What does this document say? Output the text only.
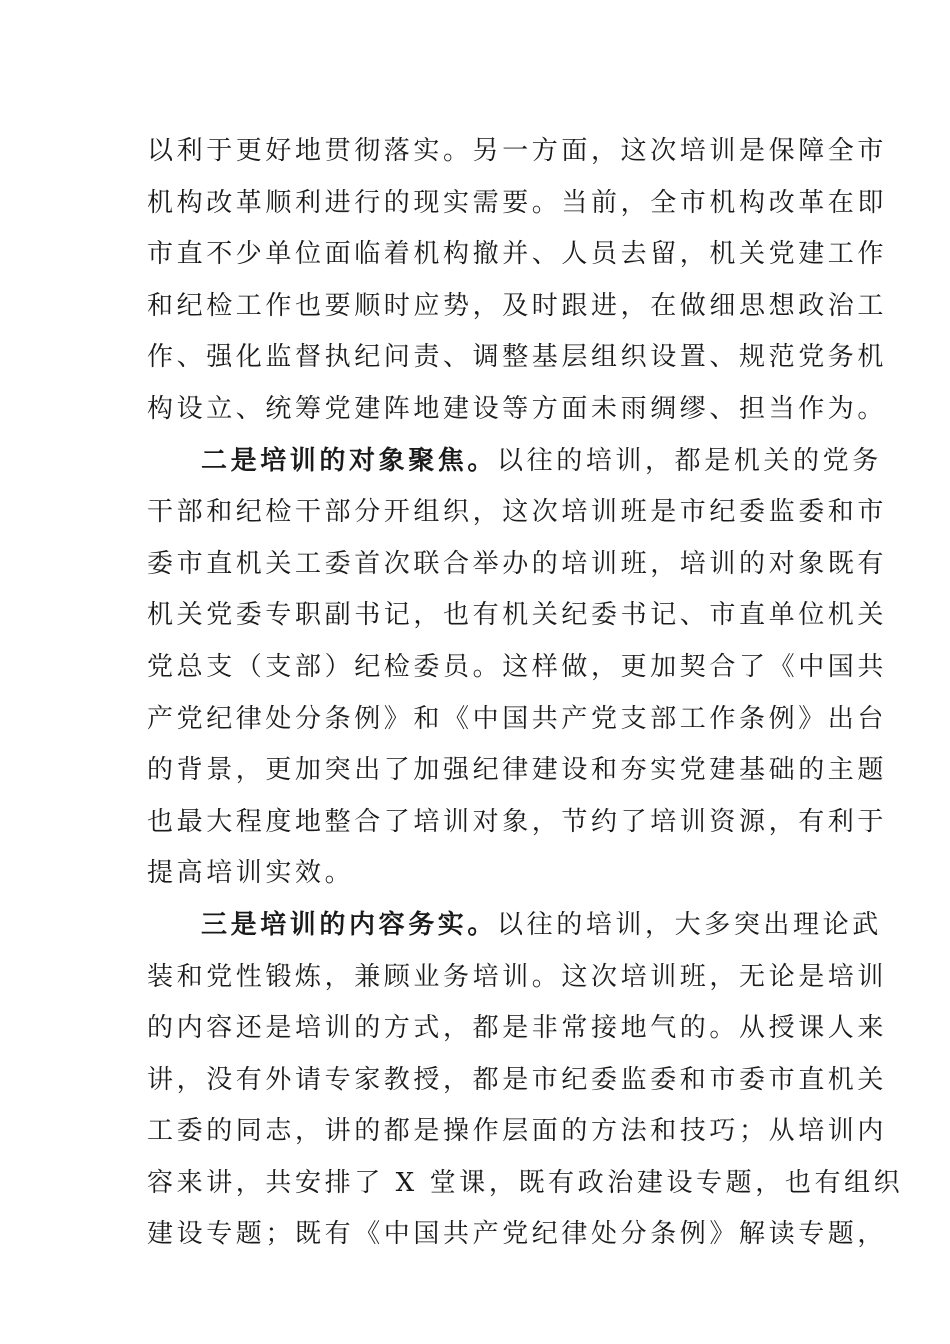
以利于更好地贯彻落实。另一方面，这次培训是保障全市
机构改革顺利进行的现实需要。当前，全市机构改革在即
市直不少单位面临着机构撤并、人员去留，机关党建工作
和纪检工作也要顺时应势，及时跟进，在做细思想政治工
作、强化监督执纪问责、调整基层组织设置、规范党务机
构设立、统筹党建阵地建设等方面未雨绸缪、担当作为。
二是培训的对象聚焦。以往的培训，都是机关的党务
干部和纪检干部分开组织，这次培训班是市纪委监委和市
委市直机关工委首次联合举办的培训班，培训的对象既有
机关党委专职副书记，也有机关纪委书记、市直单位机关
党总支（支部）纪检委员。这样做，更加契合了《中国共
产党纪律处分条例》和《中国共产党支部工作条例》出台
的背景，更加突出了加强纪律建设和夯实党建基础的主题
也最大程度地整合了培训对象，节约了培训资源，有利于
提高培训实效。
三是培训的内容务实。以往的培训，大多突出理论武
装和党性锻炼，兼顾业务培训。这次培训班，无论是培训
的内容还是培训的方式，都是非常接地气的。从授课人来
讲，没有外请专家教授，都是市纪委监委和市委市直机关
工委的同志，讲的都是操作层面的方法和技巧；从培训内
容来讲，共安排了 X 堂课，既有政治建设专题，也有组织
建设专题；既有《中国共产党纪律处分条例》解读专题，
